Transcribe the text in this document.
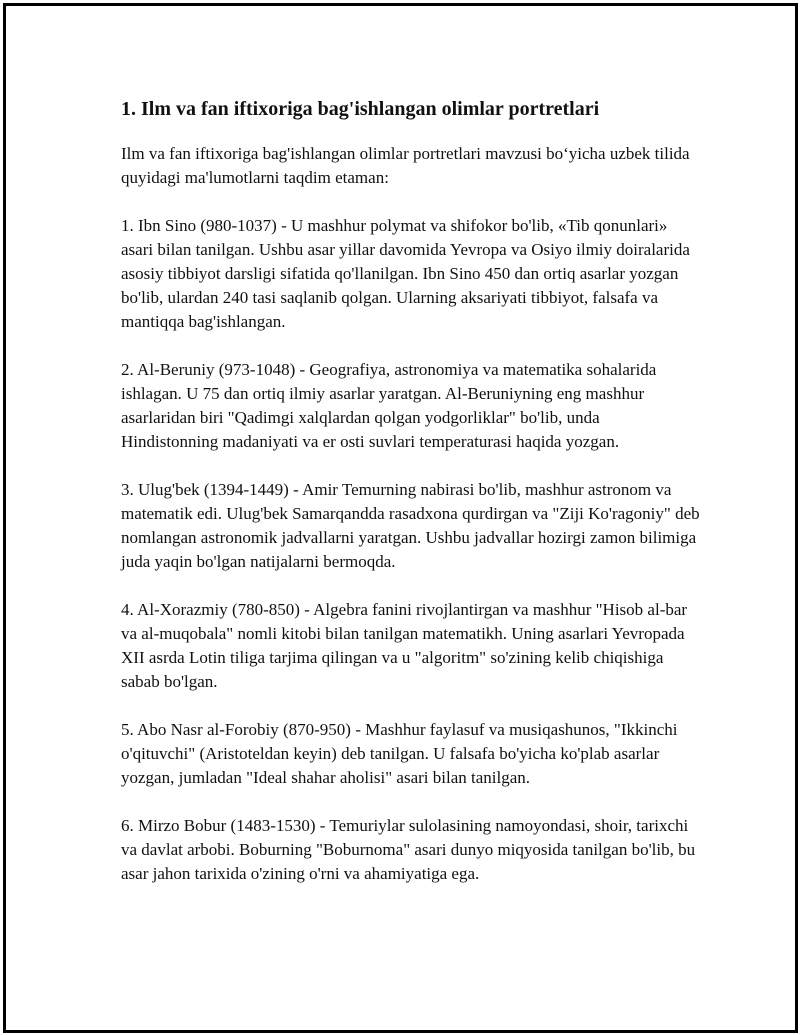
1. Ilm va fan iftixoriga bag'ishlangan olimlar portretlari

Ilm va fan iftixoriga bag'ishlangan olimlar portretlari mavzusi bo‘yicha uzbek tilida quyidagi ma'lumotlarni taqdim etaman:

1. Ibn Sino (980-1037) - U mashhur polymat va shifokor bo'lib, «Tib qonunlari» asari bilan tanilgan. Ushbu asar yillar davomida Yevropa va Osiyo ilmiy doiralarida asosiy tibbiyot darsligi sifatida qo'llanilgan. Ibn Sino 450 dan ortiq asarlar yozgan bo'lib, ulardan 240 tasi saqlanib qolgan. Ularning aksariyati tibbiyot, falsafa va mantiqqa bag'ishlangan.

2. Al-Beruniy (973-1048) - Geografiya, astronomiya va matematika sohalarida ishlagan. U 75 dan ortiq ilmiy asarlar yaratgan. Al-Beruniyning eng mashhur asarlaridan biri "Qadimgi xalqlardan qolgan yodgorliklar" bo'lib, unda Hindistonning madaniyati va er osti suvlari temperaturasi haqida yozgan.

3. Ulug'bek (1394-1449) - Amir Temurning nabirasi bo'lib, mashhur astronom va matematik edi. Ulug'bek Samarqandda rasadxona qurdirgan va "Ziji Ko'ragoniy" deb nomlangan astronomik jadvallarni yaratgan. Ushbu jadvallar hozirgi zamon bilimiga juda yaqin bo'lgan natijalarni bermoqda.

4. Al-Xorazmiy (780-850) - Algebra fanini rivojlantirgan va mashhur "Hisob al-bar va al-muqobala" nomli kitobi bilan tanilgan matematikh. Uning asarlari Yevropada XII asrda Lotin tiliga tarjima qilingan va u "algoritm" so'zining kelib chiqishiga sabab bo'lgan.

5. Abo Nasr al-Forobiy (870-950) - Mashhur faylasuf va musiqashunos, "Ikkinchi o'qituvchi" (Aristoteldan keyin) deb tanilgan. U falsafa bo'yicha ko'plab asarlar yozgan, jumladan "Ideal shahar aholisi" asari bilan tanilgan.

6. Mirzo Bobur (1483-1530) - Temuriylar sulolasining namoyondasi, shoir, tarixchi va davlat arbobi. Boburning "Boburnoma" asari dunyo miqyosida tanilgan bo'lib, bu asar jahon tarixida o'zining o'rni va ahamiyatiga ega.
